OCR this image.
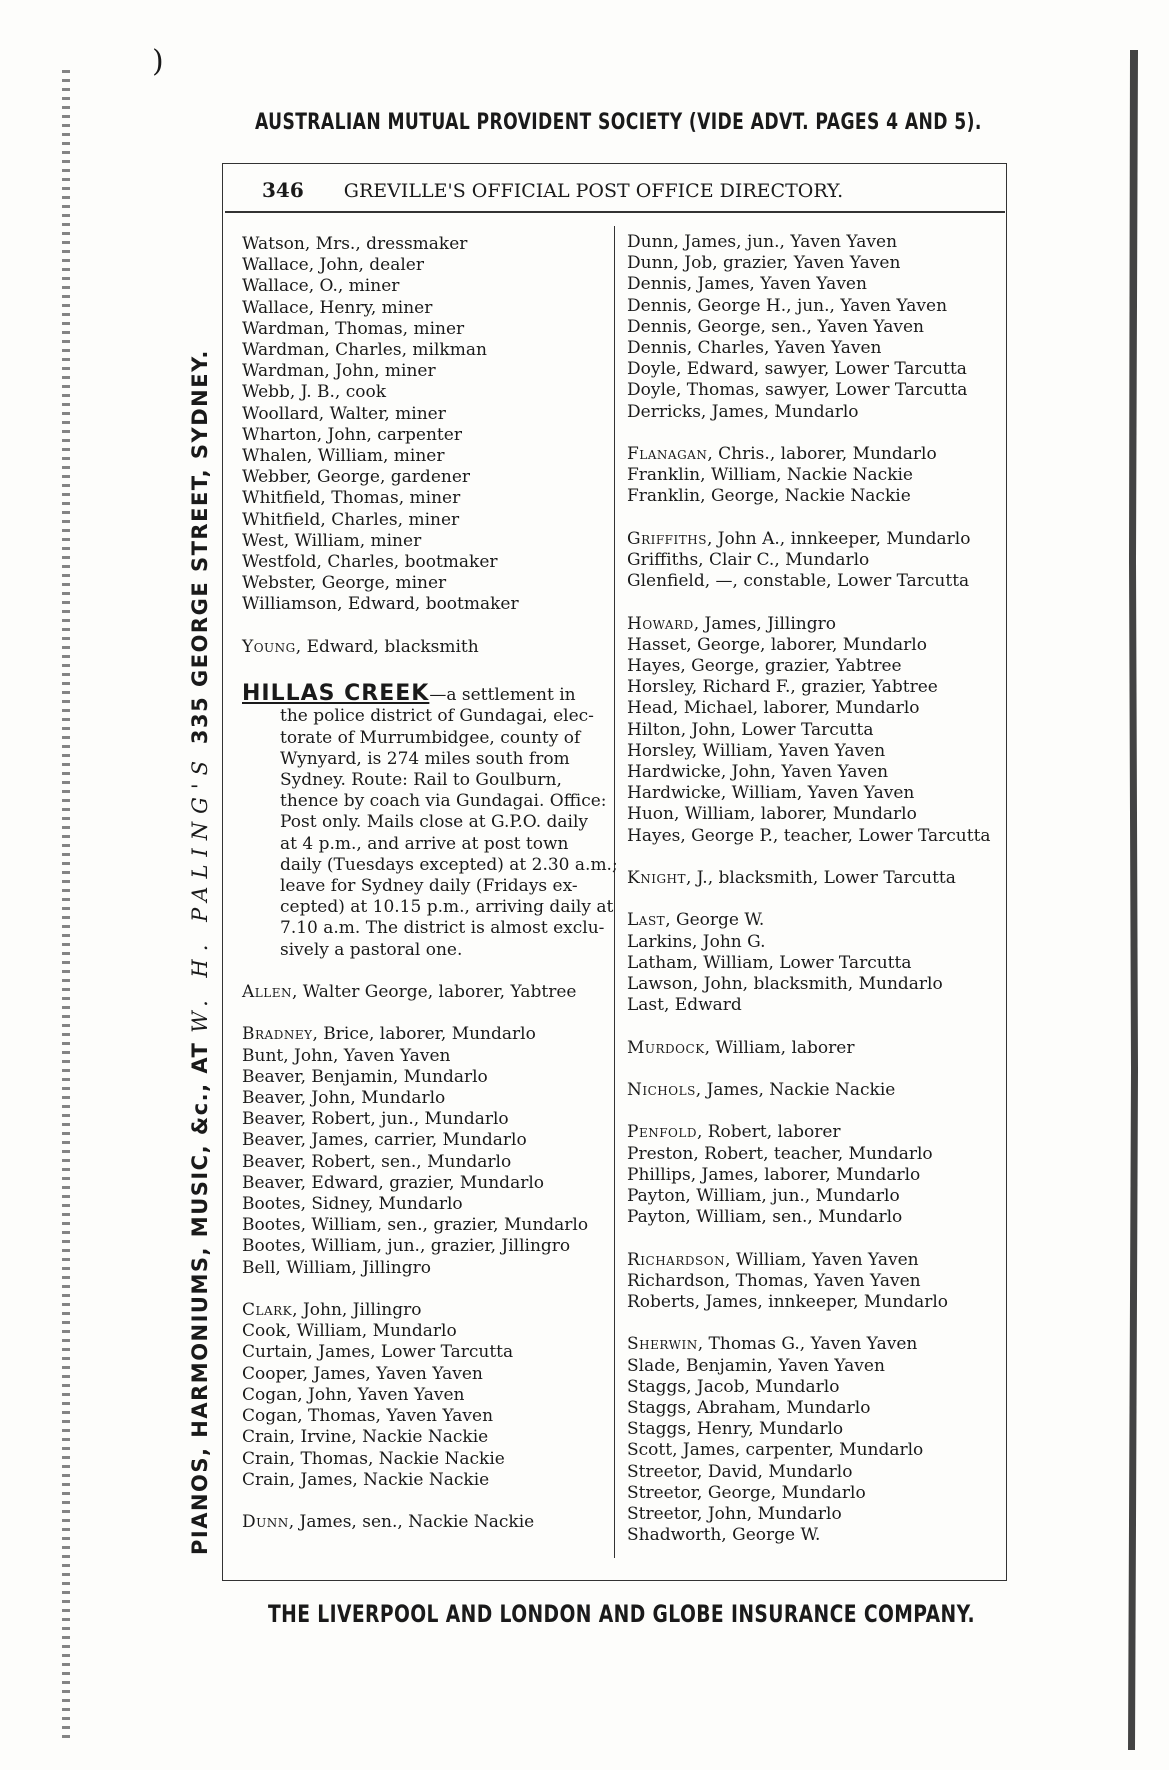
)
AUSTRALIAN MUTUAL PROVIDENT SOCIETY (VIDE ADVT. PAGES 4 AND 5).
PIANOS, HARMONIUMS, MUSIC, &c., AT W. H. PALING'S 335 GEORGE STREET, SYDNEY.
346 GREVILLE'S OFFICIAL POST OFFICE DIRECTORY.
Watson, Mrs., dressmaker
Wallace, John, dealer
Wallace, O., miner
Wallace, Henry, miner
Wardman, Thomas, miner
Wardman, Charles, milkman
Wardman, John, miner
Webb, J. B., cook
Woollard, Walter, miner
Wharton, John, carpenter
Whalen, William, miner
Webber, George, gardener
Whitfield, Thomas, miner
Whitfield, Charles, miner
West, William, miner
Westfold, Charles, bootmaker
Webster, George, miner
Williamson, Edward, bootmaker
Young, Edward, blacksmith
HILLAS CREEK—a settlement in
the police district of Gundagai, elec-
torate of Murrumbidgee, county of
Wynyard, is 274 miles south from
Sydney. Route: Rail to Goulburn,
thence by coach via Gundagai. Office:
Post only. Mails close at G.P.O. daily
at 4 p.m., and arrive at post town
daily (Tuesdays excepted) at 2.30 a.m.;
leave for Sydney daily (Fridays ex-
cepted) at 10.15 p.m., arriving daily at
7.10 a.m. The district is almost exclu-
sively a pastoral one.
Allen, Walter George, laborer, Yabtree
Bradney, Brice, laborer, Mundarlo
Bunt, John, Yaven Yaven
Beaver, Benjamin, Mundarlo
Beaver, John, Mundarlo
Beaver, Robert, jun., Mundarlo
Beaver, James, carrier, Mundarlo
Beaver, Robert, sen., Mundarlo
Beaver, Edward, grazier, Mundarlo
Bootes, Sidney, Mundarlo
Bootes, William, sen., grazier, Mundarlo
Bootes, William, jun., grazier, Jillingro
Bell, William, Jillingro
Clark, John, Jillingro
Cook, William, Mundarlo
Curtain, James, Lower Tarcutta
Cooper, James, Yaven Yaven
Cogan, John, Yaven Yaven
Cogan, Thomas, Yaven Yaven
Crain, Irvine, Nackie Nackie
Crain, Thomas, Nackie Nackie
Crain, James, Nackie Nackie
Dunn, James, sen., Nackie Nackie
Dunn, James, jun., Yaven Yaven
Dunn, Job, grazier, Yaven Yaven
Dennis, James, Yaven Yaven
Dennis, George H., jun., Yaven Yaven
Dennis, George, sen., Yaven Yaven
Dennis, Charles, Yaven Yaven
Doyle, Edward, sawyer, Lower Tarcutta
Doyle, Thomas, sawyer, Lower Tarcutta
Derricks, James, Mundarlo
Flanagan, Chris., laborer, Mundarlo
Franklin, William, Nackie Nackie
Franklin, George, Nackie Nackie
Griffiths, John A., innkeeper, Mundarlo
Griffiths, Clair C., Mundarlo
Glenfield, —, constable, Lower Tarcutta
Howard, James, Jillingro
Hasset, George, laborer, Mundarlo
Hayes, George, grazier, Yabtree
Horsley, Richard F., grazier, Yabtree
Head, Michael, laborer, Mundarlo
Hilton, John, Lower Tarcutta
Horsley, William, Yaven Yaven
Hardwicke, John, Yaven Yaven
Hardwicke, William, Yaven Yaven
Huon, William, laborer, Mundarlo
Hayes, George P., teacher, Lower Tarcutta
Knight, J., blacksmith, Lower Tarcutta
Last, George W.
Larkins, John G.
Latham, William, Lower Tarcutta
Lawson, John, blacksmith, Mundarlo
Last, Edward
Murdock, William, laborer
Nichols, James, Nackie Nackie
Penfold, Robert, laborer
Preston, Robert, teacher, Mundarlo
Phillips, James, laborer, Mundarlo
Payton, William, jun., Mundarlo
Payton, William, sen., Mundarlo
Richardson, William, Yaven Yaven
Richardson, Thomas, Yaven Yaven
Roberts, James, innkeeper, Mundarlo
Sherwin, Thomas G., Yaven Yaven
Slade, Benjamin, Yaven Yaven
Staggs, Jacob, Mundarlo
Staggs, Abraham, Mundarlo
Staggs, Henry, Mundarlo
Scott, James, carpenter, Mundarlo
Streetor, David, Mundarlo
Streetor, George, Mundarlo
Streetor, John, Mundarlo
Shadworth, George W.
THE LIVERPOOL AND LONDON AND GLOBE INSURANCE COMPANY.
